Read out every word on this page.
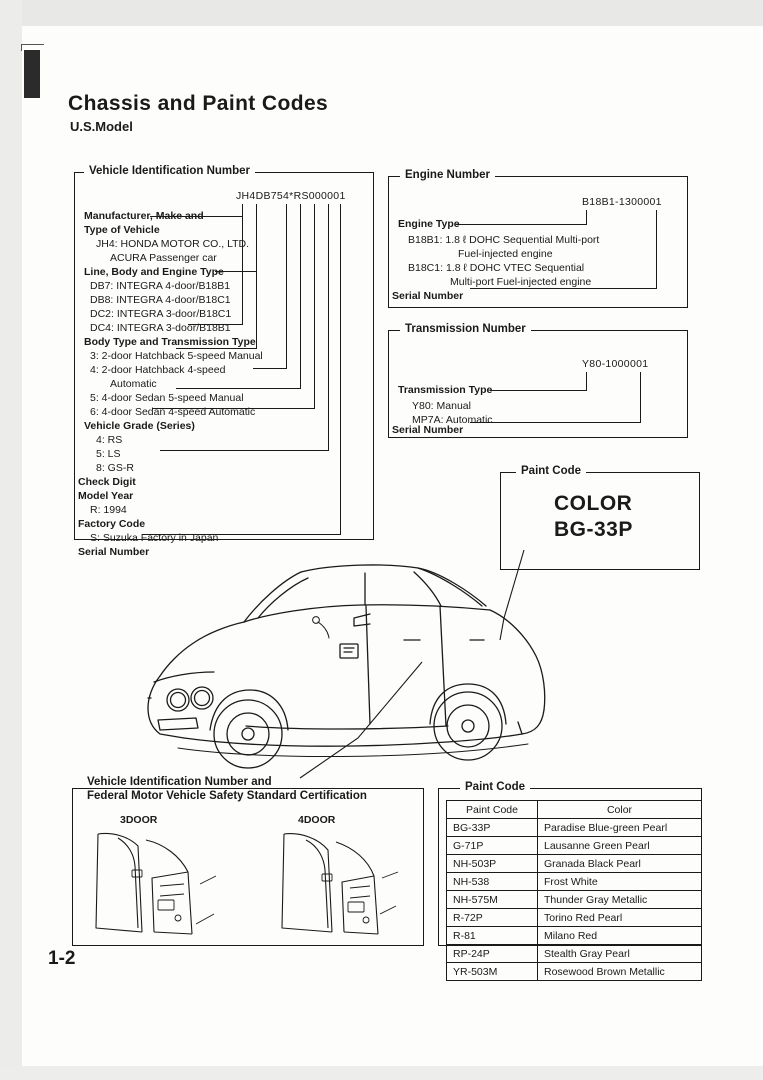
Chassis and Paint Codes
U.S.Model
Vehicle Identification Number
JH4DB754*RS000001
Manufacturer, Make and
Type of Vehicle
JH4: HONDA MOTOR CO., LTD.
ACURA Passenger car
Line, Body and Engine Type
DB7: INTEGRA 4-door/B18B1
DB8: INTEGRA 4-door/B18C1
DC2: INTEGRA 3-door/B18C1
DC4: INTEGRA 3-door/B18B1
Body Type and Transmission Type
3: 2-door Hatchback 5-speed Manual
4: 2-door Hatchback 4-speed
Automatic
5: 4-door Sedan 5-speed Manual
6: 4-door Sedan 4-speed Automatic
Vehicle Grade (Series)
4: RS
5: LS
8: GS-R
Check Digit
Model Year
R: 1994
Factory Code
S: Suzuka Factory in Japan
Serial Number
Engine Number
B18B1-1300001
Engine Type
B18B1: 1.8 ℓ DOHC Sequential Multi-port
Fuel-injected engine
B18C1: 1.8 ℓ DOHC VTEC Sequential
Multi-port Fuel-injected engine
Serial Number
Transmission Number
Y80-1000001
Transmission Type
Y80: Manual
MP7A: Automatic
Serial Number
Paint Code
COLOR
BG-33P
Vehicle Identification Number and
Federal Motor Vehicle Safety Standard Certification
3DOOR	4DOOR
Paint Code
Paint Code	Color
BG-33P	Paradise Blue-green Pearl
G-71P	Lausanne Green Pearl
NH-503P	Granada Black Pearl
NH-538	Frost White
NH-575M	Thunder Gray Metallic
R-72P	Torino Red Pearl
R-81	Milano Red
RP-24P	Stealth Gray Pearl
YR-503M	Rosewood Brown Metallic
1-2
